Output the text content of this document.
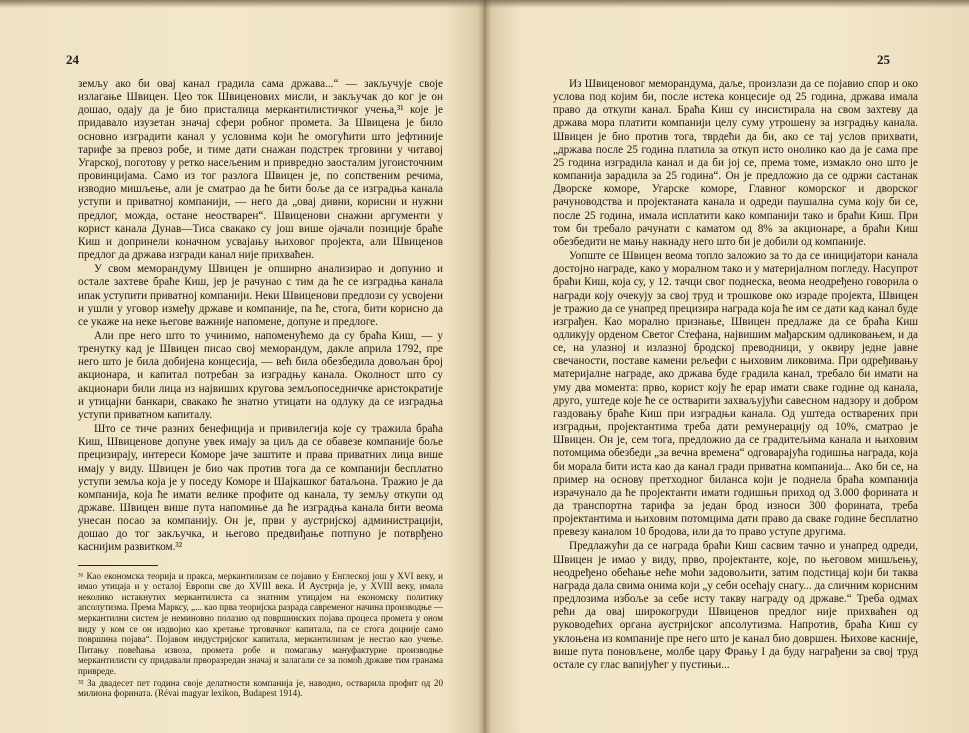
24

земљу ако би овај канал градила сама држава...“ — закључује своје излагање Швицен. Цео ток Швиценових мисли, и закључак до ког је он дошао, одају да је био присталица меркантилистичког учења,³¹ које је придавало изузетан значај сфери робног промета. За Швицена је било основно изградити канал у условима који ће омогућити што јефтиније тарифе за превоз робе, и тиме дати снажан подстрек трговини у читавој Угарској, поготову у ретко насељеним и привредно заосталим југоисточним провинцијама. Само из тог разлога Швицен је, по сопственим речима, изводио мишљење, али је сматрао да ће бити боље да се изградња канала уступи и приватној компанији, — него да „овај дивни, корисни и нужни предлог, можда, остане неостварен“. Швиценови снажни аргументи у корист канала Дунав—Тиса свакако су још више ојачали позиције браће Киш и допринели коначном усвајању њиховог пројекта, али Швиценов предлог да држава изгради канал није прихваћен.

У свом меморандуму Швицен је опширно анализирао и допунио и остале захтеве браће Киш, јер је рачунао с тим да ће се изградња канала ипак уступити приватној компанији. Неки Швиценови предлози су усвојени и ушли у уговор између државе и компаније, па ће, стога, бити корисно да се укаже на неке његове важније напомене, допуне и предлоге.

Али пре него што то учинимо, напоменућемо да су браћа Киш, — у тренутку кад је Швицен писао свој меморандум, дакле априла 1792, пре него што је била добијена концесија, — већ била обезбедила довољан број акционара, и капитал потребан за изградњу канала. Околност што су акционари били лица из највиших кругова земљопоседничке аристократије и утицајни банкари, свакако ће знатно утицати на одлуку да се изградња уступи приватном капиталу.

Што се тиче разних бенефиција и привилегија које су тражила браћа Киш, Швиценове допуне увек имају за циљ да се обавезе компаније боље прецизирају, интереси Коморе јаче заштите и права приватних лица више имају у виду. Швицен је био чак против тога да се компанији бесплатно уступи земља која је у поседу Коморе и Шајкашког батаљона. Тражио је да компанија, која ће имати велике профите од канала, ту земљу откупи од државе. Швицен више пута напомиње да ће изградња канала бити веома унесан посао за компанију. Он је, први у аустријској администрацији, дошао до тог закључка, и његово предвиђање потпуно је потврђено каснијим развитком.³²

³¹ Као економска теорија и пракса, меркантилизам се појавио у Енглеској још у XVI веку, и имао утицаја и у осталој Европи све до XVIII века. И Аустрија је, у XVIII веку, имала неколико истакнутих меркантилиста са знатним утицајем на економску политику апсолутизма. Према Марксу, „... као прва теоријска разрада савременог начина производње — меркантилни систем је неминовно полазио од површинских појава процеса промета у оном виду у ком се он издвојио као кретање трговачког капитала, па се стога доцније само површина појава“. Појавом индустријског капитала, меркантилизам је нестао као учење. Питању повећања извоза, промета робе и помагању мануфактурне производње меркантилисти су придавали прворазредан значај и залагали се за помоћ државе тим гранама привреде.

³² За двадесет пет година своје делатности компанија је, наводно, остварила профит од 20 милиона форината. (Révai magyar lexikon, Budapest 1914).

25

Из Швиценовог меморандума, даље, произлази да се појавио спор и око услова под којим би, после истека концесије од 25 година, држава имала право да откупи канал. Браћа Киш су инсистирала на свом захтеву да држава мора платити компанији целу суму утрошену за изградњу канала. Швицен је био против тога, тврдећи да би, ако се тај услов прихвати, „држава после 25 година платила за откуп исто онолико као да је сама пре 25 година изградила канал и да би јој се, према томе, измакло оно што је компанија зарадила за 25 година“. Он је предложио да се одржи састанак Дворске коморе, Угарске коморе, Главног коморског и дворског рачуноводства и пројектаната канала и одреди паушална сума коју би се, после 25 година, имала исплатити како компанији тако и браћи Киш. При том би требало рачунати с каматом од 8% за акционаре, а браћи Киш обезбедити не мању накнаду него што би је добили од компаније.

Уопште се Швицен веома топло заложио за то да се иницијатори канала достојно награде, како у моралном тако и у материјалном погледу. Насупрот браћи Киш, која су, у 12. тачци свог поднеска, веома неодређено говорила о награди коју очекују за свој труд и трошкове око израде пројекта, Швицен је тражио да се унапред прецизира награда која ће им се дати кад канал буде изграђен. Као морално признање, Швицен предлаже да се браћа Киш одликују орденом Светог Стефана, највишим мађарским одликовањем, и да се, на улазној и излазној бродској преводници, у оквиру једне јавне свечаности, поставе камени рељефи с њиховим ликовима. При одређивању материјалне награде, ако држава буде градила канал, требало би имати на уму два момента: прво, корист коју ће ерар имати сваке године од канала, друго, уштеде које ће се остварити захваљујући савесном надзору и добром газдовању браће Киш при изградњи канала. Од уштеда остварених при изградњи, пројектантима треба дати ремунерацију од 10%, сматрао је Швицен. Он је, сем тога, предложио да се градитељима канала и њиховим потомцима обезбеди „за вечна времена“ одговарајућа годишња награда, која би морала бити иста као да канал гради приватна компанија... Ако би се, на пример на основу претходног биланса који је поднела браћа компанија израчунало да ће пројектанти имати годишњи приход од 3.000 форината и да транспортна тарифа за један брод износи 300 форината, треба пројектантима и њиховим потомцима дати право да сваке године бесплатно превезу каналом 10 бродова, или да то право уступе другима.

Предлажући да се награда браћи Киш сасвим тачно и унапред одреди, Швицен је имао у виду, прво, пројектанте, које, по његовом мишљењу, неодређено обећање неће моћи задовољити, затим подстицај који би таква награда дала свима онима који „у себи осећају снагу... да сличним корисним предлозима избоље за себе исту такву награду од државе.“ Треба одмах рећи да овај широкогруди Швиценов предлог није прихваћен од руководећих органа аустријског апсолутизма. Напротив, браћа Киш су уклоњена из компаније пре него што је канал био довршен. Њихове касније, више пута поновљене, молбе цару Фрању I да буду награђени за свој труд остале су глас вапијућег у пустињи...
